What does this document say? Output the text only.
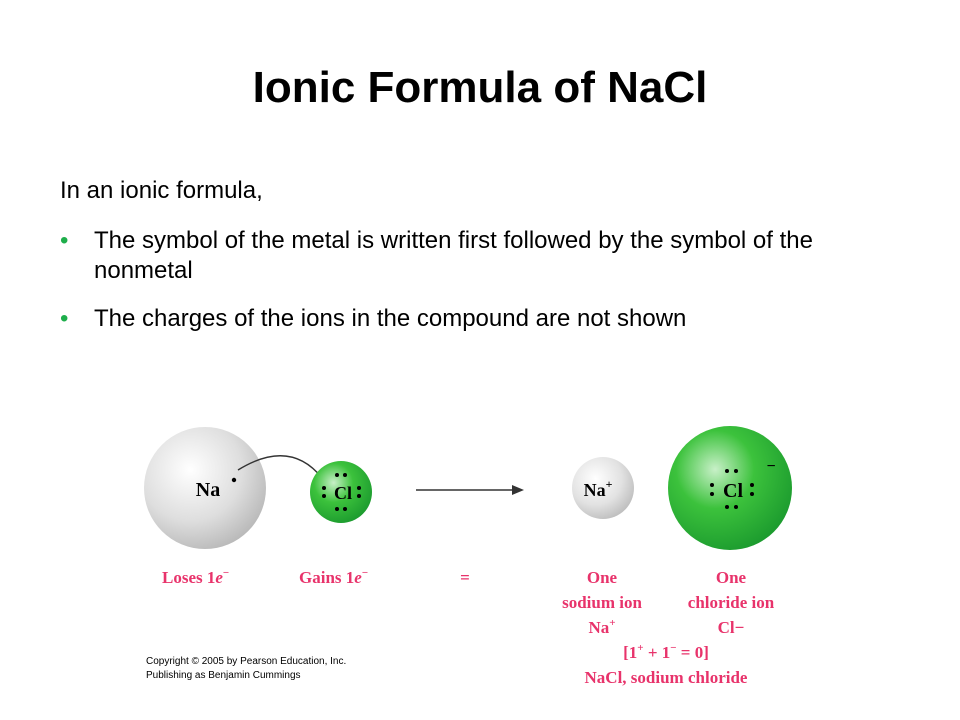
Ionic Formula of NaCl
In an ionic formula,
• The symbol of the metal is written first followed by the symbol of the nonmetal
• The charges of the ions in the compound are not shown
Na	Cl	Na+	Cl
−
Loses 1e−	Gains 1e−	=	One
sodium ion
Na+
One
chloride ion
Cl−
[1+ + 1− = 0]
NaCl, sodium chloride
Copyright © 2005 by Pearson Education, Inc.
Publishing as Benjamin Cummings
